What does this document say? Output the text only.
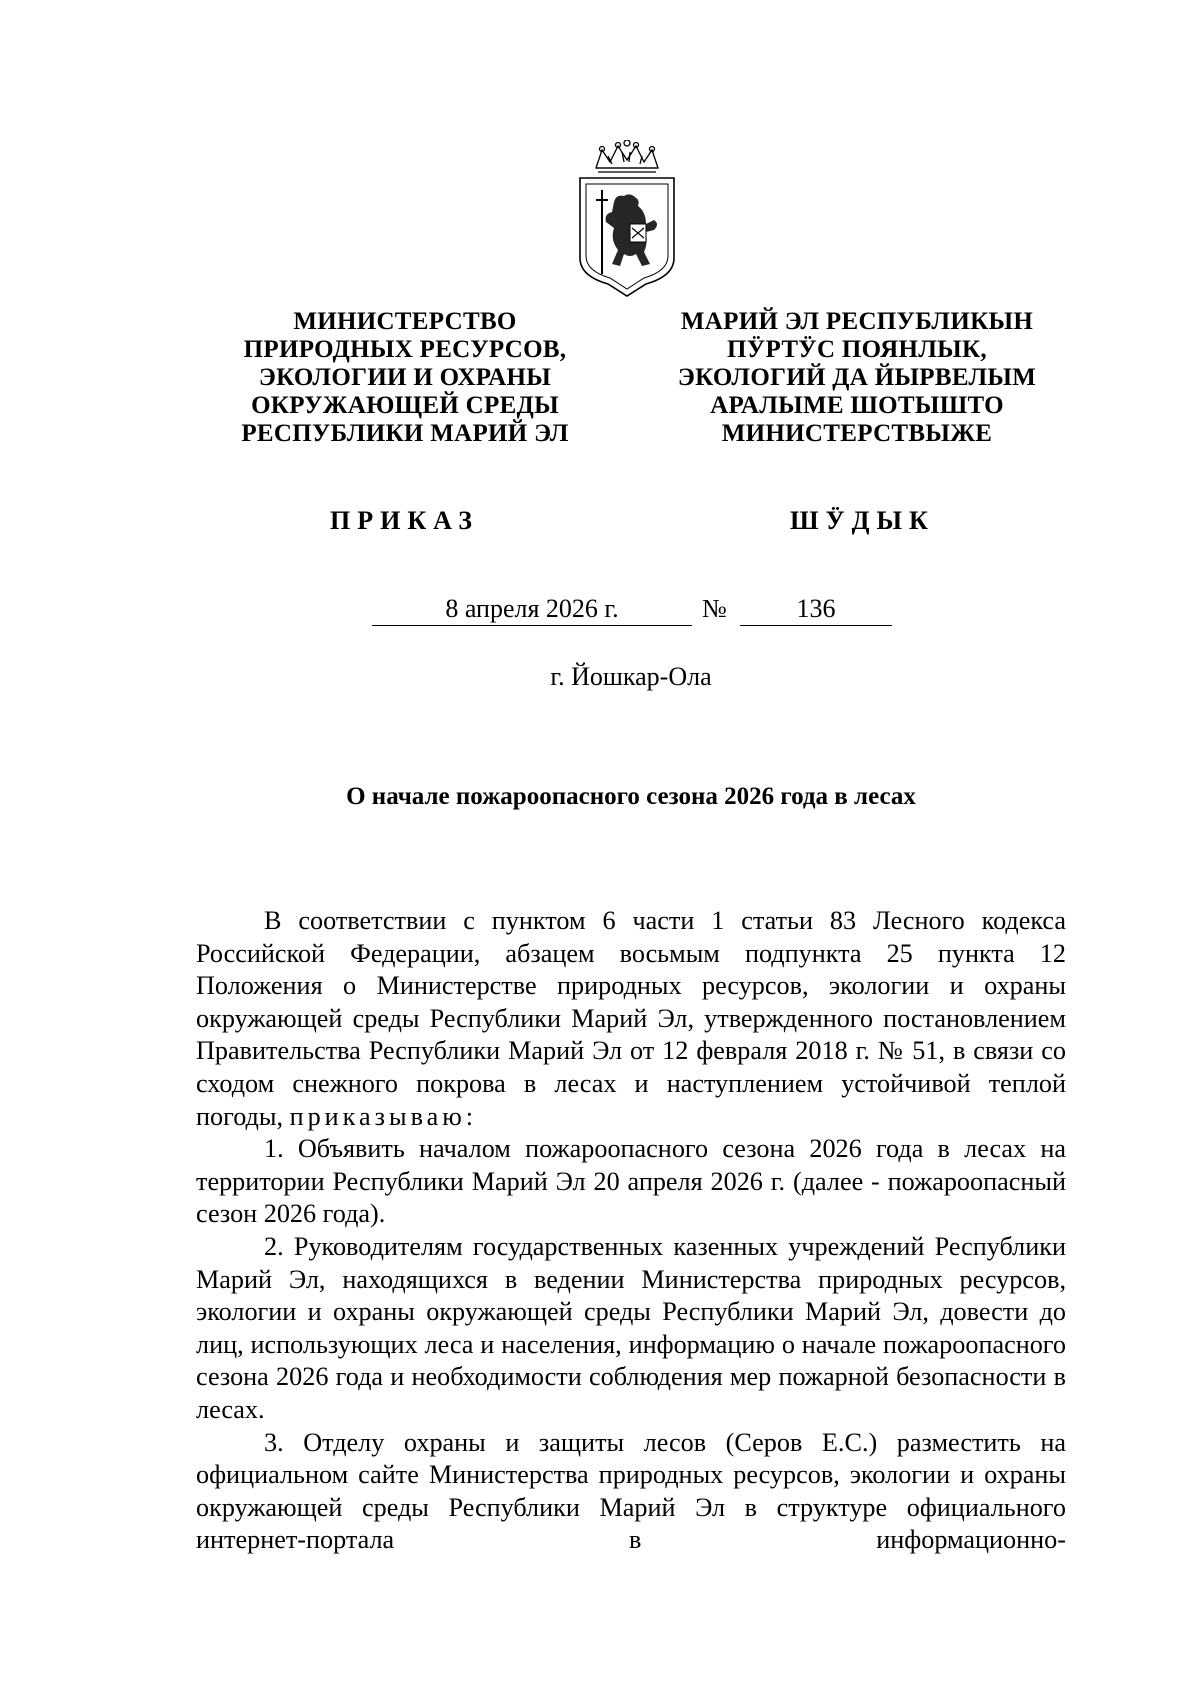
МИНИСТЕРСТВО
ПРИРОДНЫХ РЕСУРСОВ,
ЭКОЛОГИИ И ОХРАНЫ
ОКРУЖАЮЩЕЙ СРЕДЫ
РЕСПУБЛИКИ МАРИЙ ЭЛ
МАРИЙ ЭЛ РЕСПУБЛИКЫН
ПӰРТӰС ПОЯНЛЫК,
ЭКОЛОГИЙ ДА ЙЫРВЕЛЫМ
АРАЛЫМЕ ШОТЫШТО
МИНИСТЕРСТВЫЖЕ
ПРИКАЗ	ШӰДЫК
8 апреля 2026 г.	№	136
г. Йошкар-Ола
О начале пожароопасного сезона 2026 года в лесах

В соответствии с пунктом 6 части 1 статьи 83 Лесного кодекса Российской Федерации, абзацем восьмым подпункта 25 пункта 12 Положения о Министерстве природных ресурсов, экологии и охраны окружающей среды Республики Марий Эл, утвержденного постановлением Правительства Республики Марий Эл от 12 февраля 2018 г. № 51, в связи со сходом снежного покрова в лесах и наступлением устойчивой теплой погоды, приказываю:

1. Объявить началом пожароопасного сезона 2026 года в лесах на территории Республики Марий Эл 20 апреля 2026 г. (далее - пожароопасный сезон 2026 года).

2. Руководителям государственных казенных учреждений Республики Марий Эл, находящихся в ведении Министерства природных ресурсов, экологии и охраны окружающей среды Республики Марий Эл, довести до лиц, использующих леса и населения, информацию о начале пожароопасного сезона 2026 года и необходимости соблюдения мер пожарной безопасности в лесах.

3. Отделу охраны и защиты лесов (Серов Е.С.) разместить на официальном сайте Министерства природных ресурсов, экологии и охраны окружающей среды Республики Марий Эл в структуре официального интернет-портала в информационно-
